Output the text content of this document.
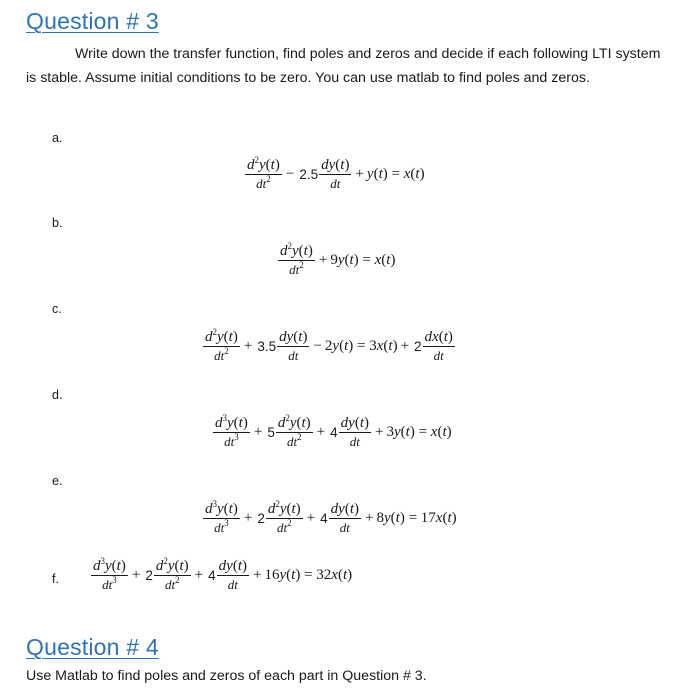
Question # 3
Write down the transfer function, find poles and zeros and decide if each following LTI system is stable. Assume initial conditions to be zero. You can use matlab to find poles and zeros.
a.
b.
c.
d.
e.
f.
$\frac{d^2y(t)}{dt^2} - 2.5 \frac{dy(t)}{dt} + y(t)$
=
x(t)
$\frac{d^2y(t)}{dt^2} + 9$ y(t)
=
x(t)
$\frac{d^2y(t)}{dt^2} + 3.5 \frac{dy(t)}{dt} - 2$ y(t)
=
3 $x(t) + 2 \frac{dx(t)}{dt}$
$\frac{d^3y(t)}{dt^3} + 5 \frac{d^2y(t)}{dt^2} + 4 \frac{dy(t)}{dt} + 3$ y(t)
=
x(t)
$\frac{d^3y(t)}{dt^3} + 2 \frac{d^2y(t)}{dt^2} + 4 \frac{dy(t)}{dt} + 8$ y(t)
=
17 x(t)
$\frac{d^3y(t)}{dt^3} + 2 \frac{d^2y(t)}{dt^2} + 4 \frac{dy(t)}{dt} + 16$ y(t)
=
32 x(t)
Question # 4
Use Matlab to find poles and zeros of each part in Question # 3.
